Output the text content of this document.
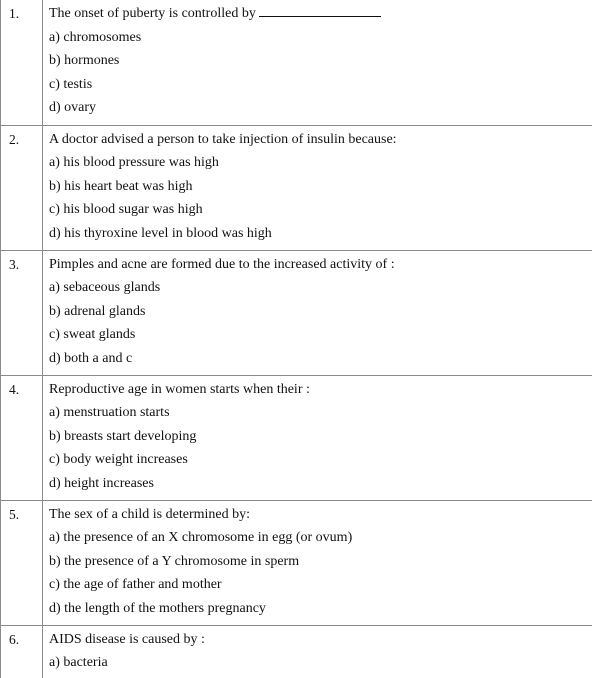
1.	The onset of puberty is controlled by
a) chromosomes
b) hormones
c) testis
d) ovary

2.	A doctor advised a person to take injection of insulin because:
a) his blood pressure was high
b) his heart beat was high
c) his blood sugar was high
d) his thyroxine level in blood was high

3.	Pimples and acne are formed due to the increased activity of :
a) sebaceous glands
b) adrenal glands
c) sweat glands
d) both a and c

4.	Reproductive age in women starts when their :
a) menstruation starts
b) breasts start developing
c) body weight increases
d) height increases

5.	The sex of a child is determined by:
a) the presence of an X chromosome in egg (or ovum)
b) the presence of a Y chromosome in sperm
c) the age of father and mother
d) the length of the mothers pregnancy

6.	AIDS disease is caused by :
a) bacteria
